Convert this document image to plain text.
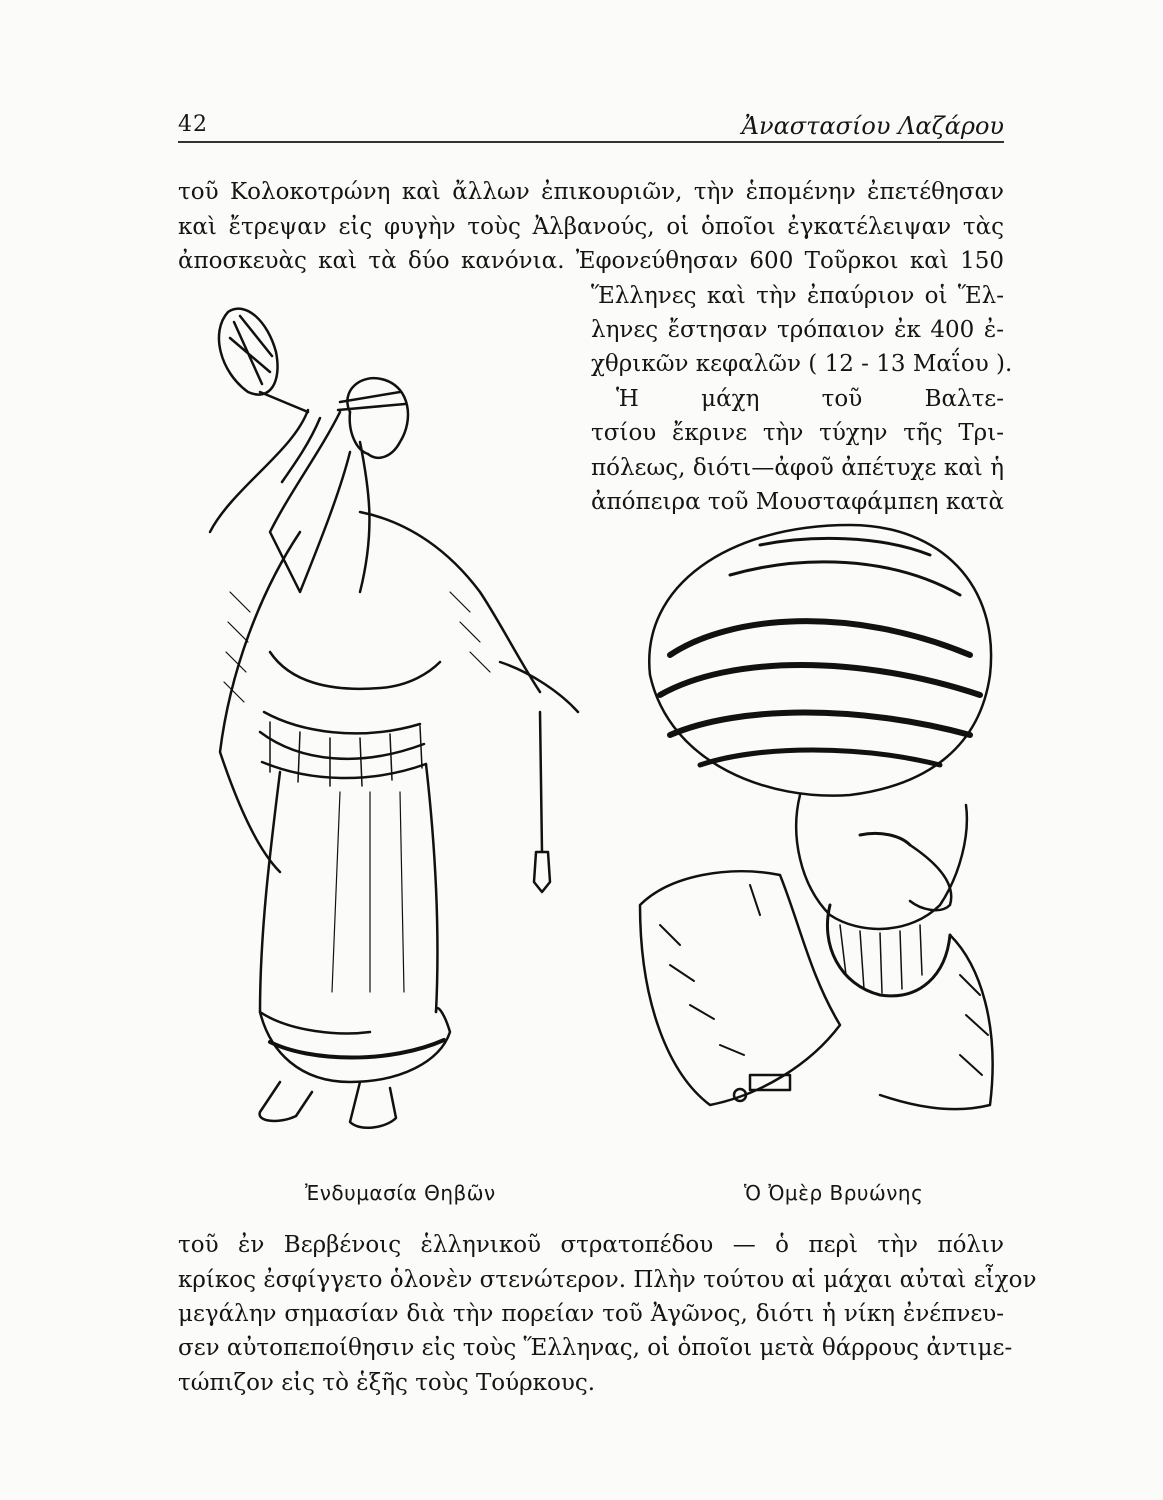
42	Ἀναστασίου Λαζάρου
τοῦ Κολοκοτρώνη καὶ ἄλλων ἐπικουριῶν, τὴν ἑπομένην ἐπετέθησαν
καὶ ἔτρεψαν εἰς φυγὴν τοὺς Ἀλβανούς, οἱ ὁποῖοι ἐγκατέλειψαν τὰς
ἀποσκευὰς καὶ τὰ δύο κανόνια. Ἐφονεύθησαν 600 Τοῦρκοι καὶ 150
Ἕλληνες καὶ τὴν ἐπαύριον οἱ Ἕλ-
ληνες ἔστησαν τρόπαιον ἐκ 400 ἐ-
χθρικῶν κεφαλῶν ( 12 - 13 Μαΐου ).
Ἡ μάχη τοῦ Βαλτε-
τσίου ἔκρινε τὴν τύχην τῆς Τρι-
πόλεως, διότι—ἀφοῦ ἀπέτυχε καὶ ἡ
ἀπόπειρα τοῦ Μουσταφάμπεη κατὰ
Ἐνδυμασία Θηβῶν	Ὁ Ὀμὲρ Βρυώνης
τοῦ ἐν Βερβένοις ἑλληνικοῦ στρατοπέδου — ὁ περὶ τὴν πόλιν
κρίκος ἐσφίγγετο ὁλονὲν στενώτερον. Πλὴν τούτου αἱ μάχαι αὐταὶ εἶχον
μεγάλην σημασίαν διὰ τὴν πορείαν τοῦ Ἀγῶνος, διότι ἡ νίκη ἐνέπνευ-
σεν αὐτοπεποίθησιν εἰς τοὺς Ἕλληνας, οἱ ὁποῖοι μετὰ θάρρους ἀντιμε-
τώπιζον εἰς τὸ ἑξῆς τοὺς Τούρκους.
